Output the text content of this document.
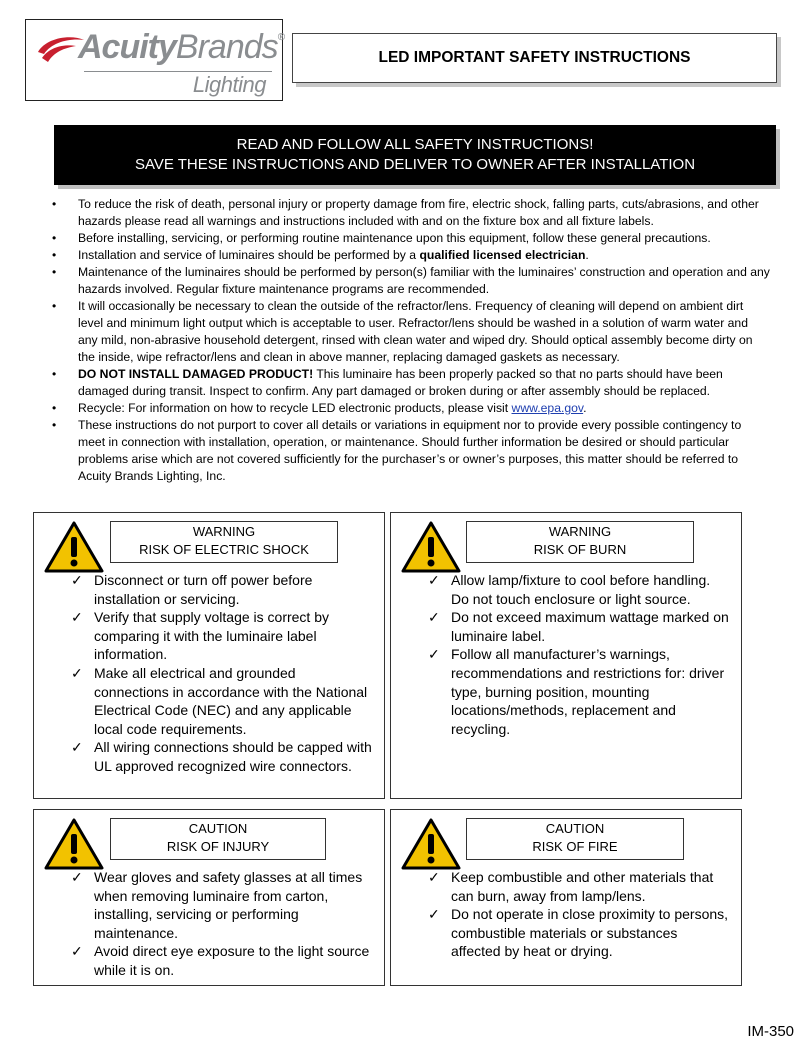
AcuityBrands®
Lighting
LED IMPORTANT SAFETY INSTRUCTIONS
READ AND FOLLOW ALL SAFETY INSTRUCTIONS!
SAVE THESE INSTRUCTIONS AND DELIVER TO OWNER AFTER INSTALLATION
• To reduce the risk of death, personal injury or property damage from fire, electric shock, falling parts, cuts/abrasions, and other hazards please read all warnings and instructions included with and on the fixture box and all fixture labels.
• Before installing, servicing, or performing routine maintenance upon this equipment, follow these general precautions.
• Installation and service of luminaires should be performed by a qualified licensed electrician.
• Maintenance of the luminaires should be performed by person(s) familiar with the luminaires’ construction and operation and any hazards involved. Regular fixture maintenance programs are recommended.
• It will occasionally be necessary to clean the outside of the refractor/lens. Frequency of cleaning will depend on ambient dirt level and minimum light output which is acceptable to user. Refractor/lens should be washed in a solution of warm water and any mild, non-abrasive household detergent, rinsed with clean water and wiped dry. Should optical assembly become dirty on the inside, wipe refractor/lens and clean in above manner, replacing damaged gaskets as necessary.
• DO NOT INSTALL DAMAGED PRODUCT! This luminaire has been properly packed so that no parts should have been damaged during transit. Inspect to confirm. Any part damaged or broken during or after assembly should be replaced.
• Recycle: For information on how to recycle LED electronic products, please visit www.epa.gov.
• These instructions do not purport to cover all details or variations in equipment nor to provide every possible contingency to meet in connection with installation, operation, or maintenance. Should further information be desired or should particular problems arise which are not covered sufficiently for the purchaser’s or owner’s purposes, this matter should be referred to Acuity Brands Lighting, Inc.
WARNING
RISK OF ELECTRIC SHOCK
✓ Disconnect or turn off power before installation or servicing.
✓ Verify that supply voltage is correct by comparing it with the luminaire label information.
✓ Make all electrical and grounded connections in accordance with the National Electrical Code (NEC) and any applicable local code requirements.
✓ All wiring connections should be capped with UL approved recognized wire connectors.
WARNING
RISK OF BURN
✓ Allow lamp/fixture to cool before handling. Do not touch enclosure or light source.
✓ Do not exceed maximum wattage marked on luminaire label.
✓ Follow all manufacturer’s warnings, recommendations and restrictions for: driver type, burning position, mounting locations/methods, replacement and recycling.
CAUTION
RISK OF INJURY
✓ Wear gloves and safety glasses at all times when removing luminaire from carton, installing, servicing or performing maintenance.
✓ Avoid direct eye exposure to the light source while it is on.
CAUTION
RISK OF FIRE
✓ Keep combustible and other materials that can burn, away from lamp/lens.
✓ Do not operate in close proximity to persons, combustible materials or substances affected by heat or drying.
IM-350
